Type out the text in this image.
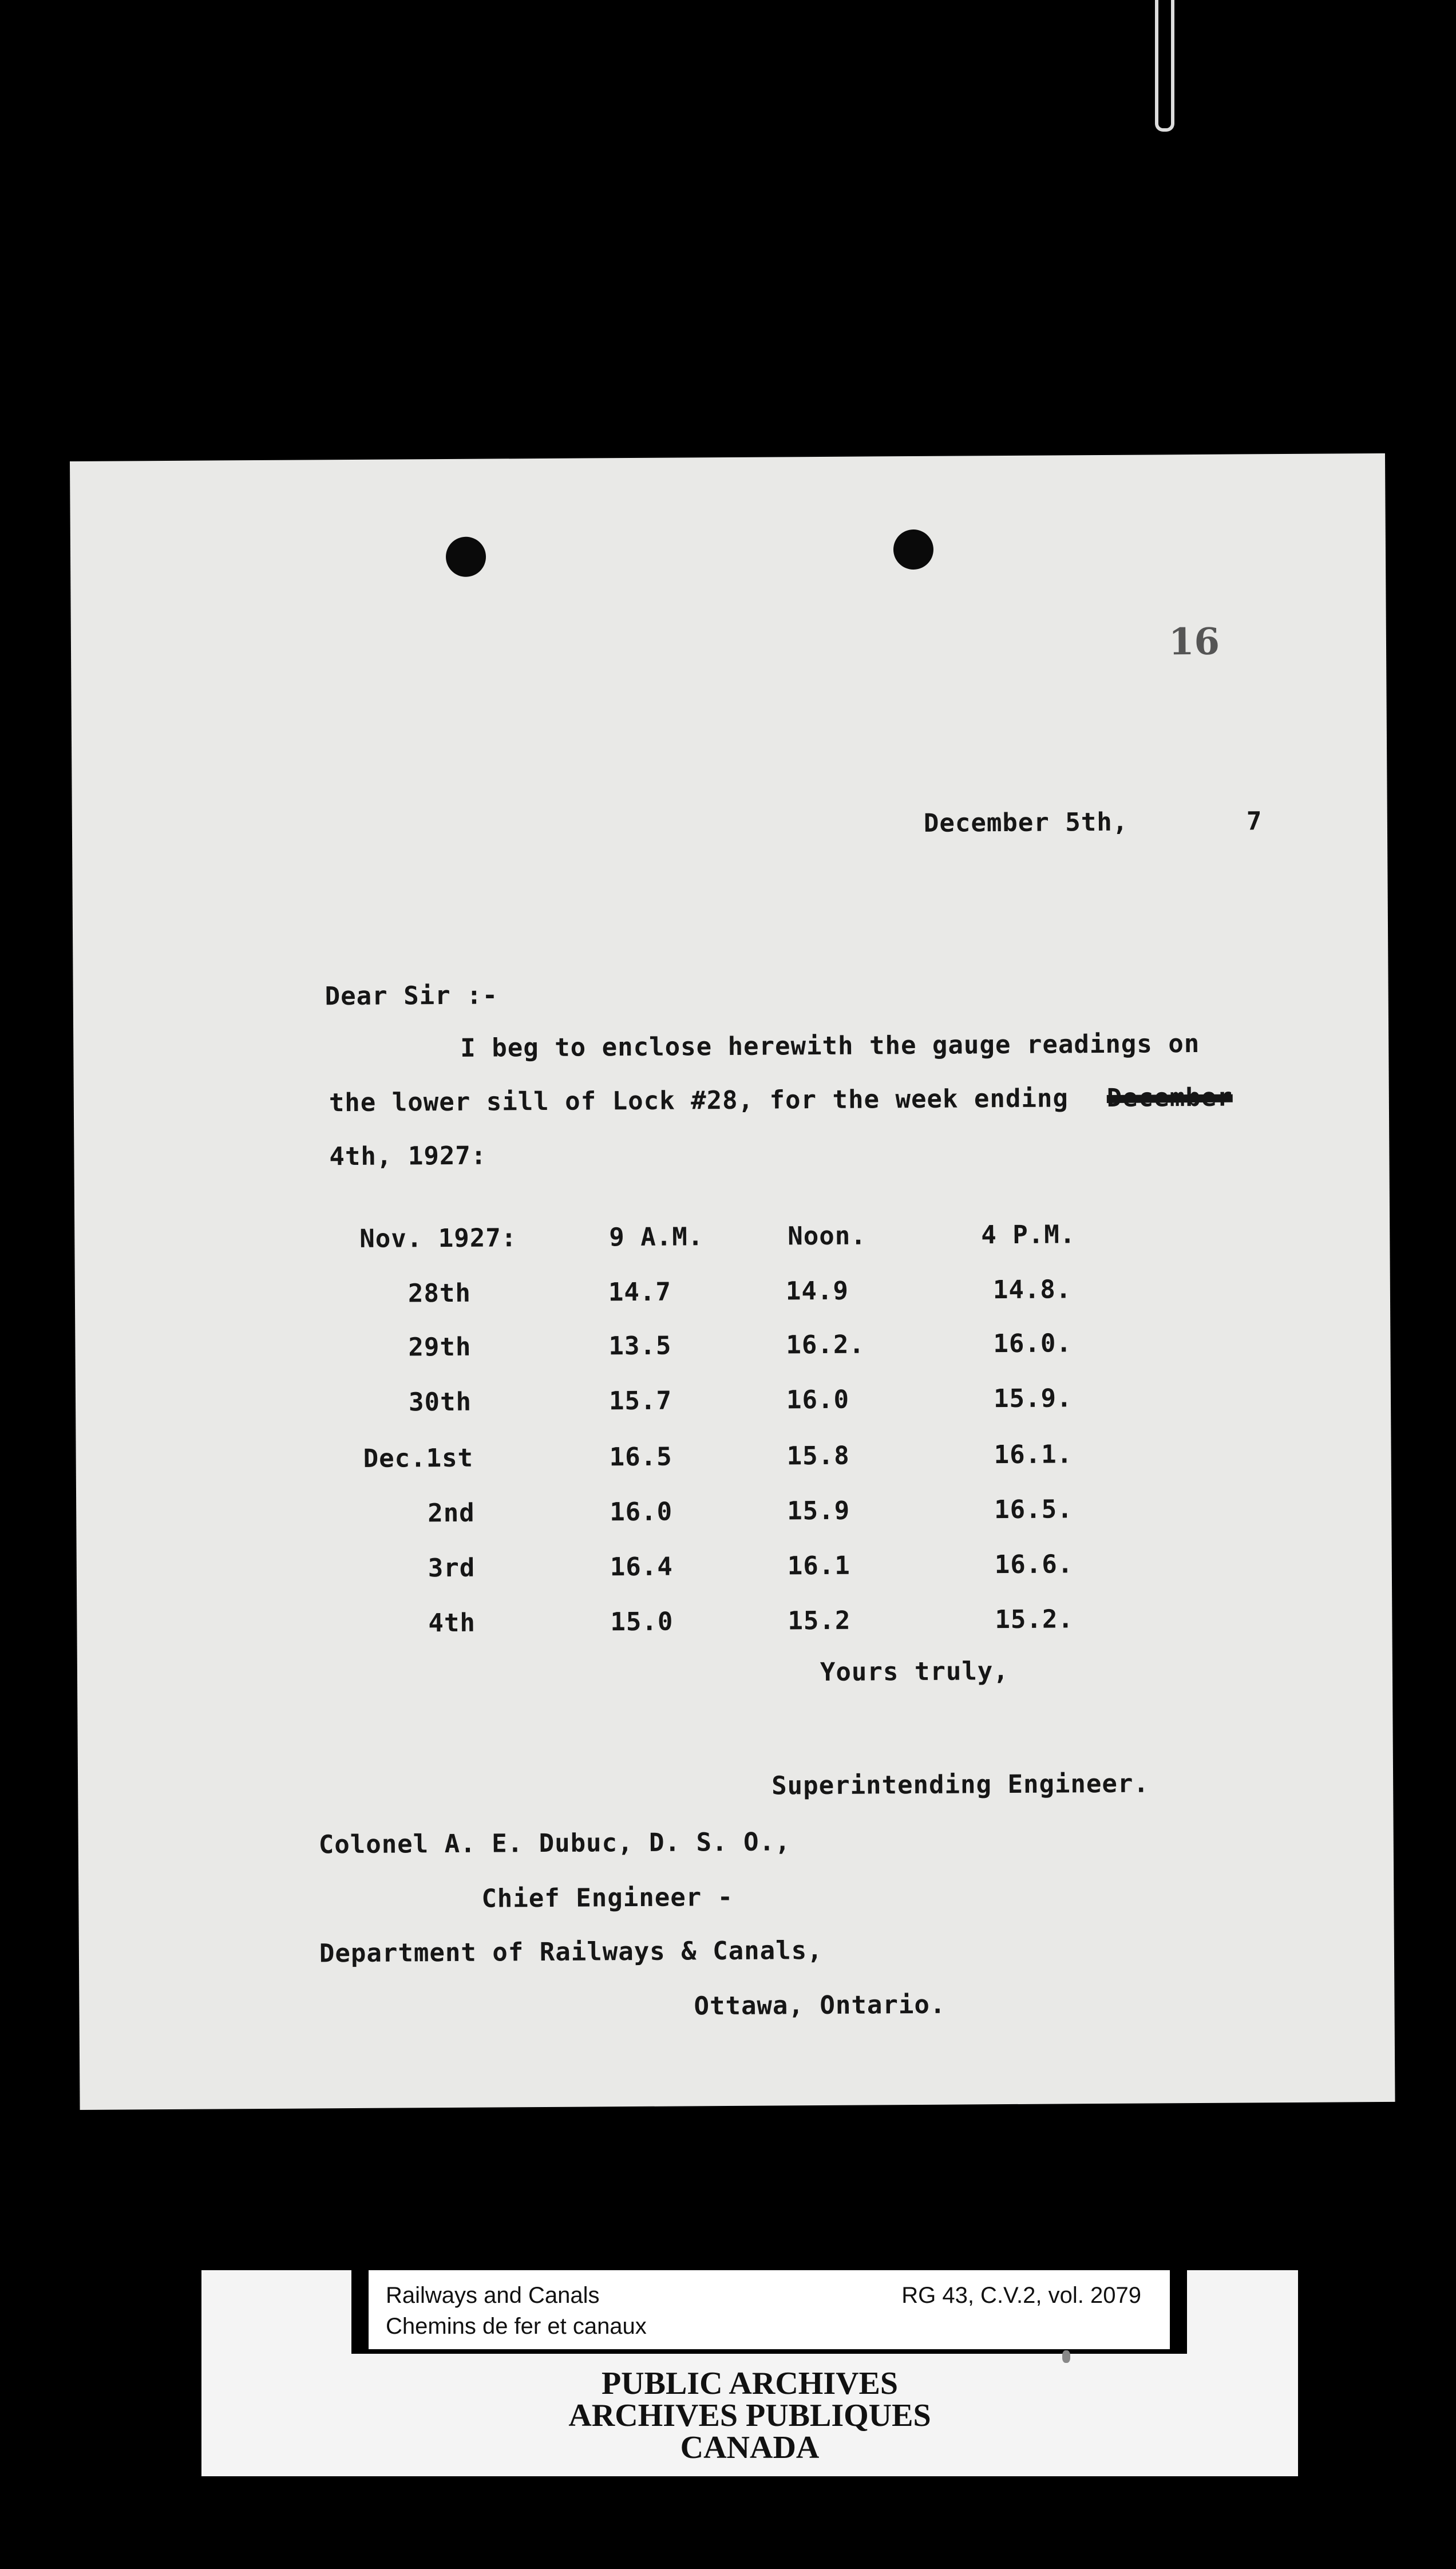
16
December 5th,	7
Dear Sir :-
I beg to enclose herewith the gauge readings on
the lower sill of Lock #28, for the week ending December
4th, 1927:
Nov. 1927:	9 A.M.	Noon.	4 P.M.
28th	14.7	14.9	14.8.
29th	13.5	16.2.	16.0.
30th	15.7	16.0	15.9.
Dec.1st	16.5	15.8	16.1.
2nd	16.0	15.9	16.5.
3rd	16.4	16.1	16.6.
4th	15.0	15.2	15.2.
Yours truly,
Superintending Engineer.
Colonel A. E. Dubuc, D. S. O.,
Chief Engineer -
Department of Railways & Canals,
Ottawa, Ontario.
Railways and Canals
Chemins de fer et canaux
RG 43, C.V.2, vol. 2079
PUBLIC ARCHIVES
ARCHIVES PUBLIQUES
CANADA
